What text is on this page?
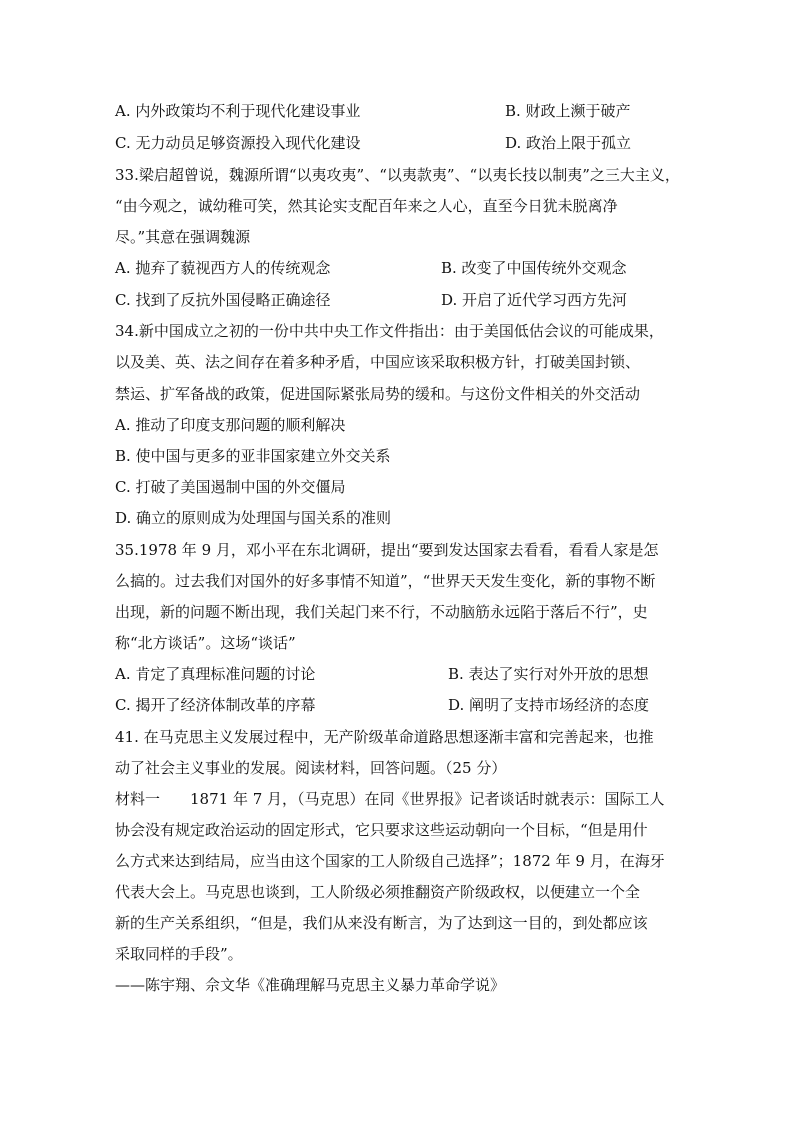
A. 内外政策均不利于现代化建设事业	B. 财政上濒于破产
C. 无力动员足够资源投入现代化建设	D. 政治上限于孤立
33.梁启超曾说，魏源所谓“以夷攻夷”、“以夷款夷”、“以夷长技以制夷”之三大主义，
“由今观之，诚幼稚可笑，然其论实支配百年来之人心，直至今日犹未脱离净
尽。”其意在强调魏源
A. 抛弃了藐视西方人的传统观念	B. 改变了中国传统外交观念
C. 找到了反抗外国侵略正确途径	D. 开启了近代学习西方先河
34.新中国成立之初的一份中共中央工作文件指出：由于美国低估会议的可能成果，
以及美、英、法之间存在着多种矛盾，中国应该采取积极方针，打破美国封锁、
禁运、扩军备战的政策，促进国际紧张局势的缓和。与这份文件相关的外交活动
A. 推动了印度支那问题的顺利解决
B. 使中国与更多的亚非国家建立外交关系
C. 打破了美国遏制中国的外交僵局
D. 确立的原则成为处理国与国关系的准则
35.1978 年 9 月，邓小平在东北调研，提出“要到发达国家去看看，看看人家是怎
么搞的。过去我们对国外的好多事情不知道”，“世界天天发生变化，新的事物不断
出现，新的问题不断出现，我们关起门来不行，不动脑筋永远陷于落后不行”，史
称“北方谈话”。这场“谈话”
A. 肯定了真理标准问题的讨论	B. 表达了实行对外开放的思想
C. 揭开了经济体制改革的序幕	D. 阐明了支持市场经济的态度
41. 在马克思主义发展过程中，无产阶级革命道路思想逐渐丰富和完善起来，也推
动了社会主义事业的发展。阅读材料，回答问题。（25 分）
材料一　　1871 年 7 月，（马克思）在同《世界报》记者谈话时就表示：国际工人
协会没有规定政治运动的固定形式，它只要求这些运动朝向一个目标，“但是用什
么方式来达到结局，应当由这个国家的工人阶级自己选择”；1872 年 9 月，在海牙
代表大会上。马克思也谈到，工人阶级必须推翻资产阶级政权，以便建立一个全
新的生产关系组织，“但是，我们从来没有断言，为了达到这一目的，到处都应该
采取同样的手段”。
——陈宇翔、佘文华《准确理解马克思主义暴力革命学说》
